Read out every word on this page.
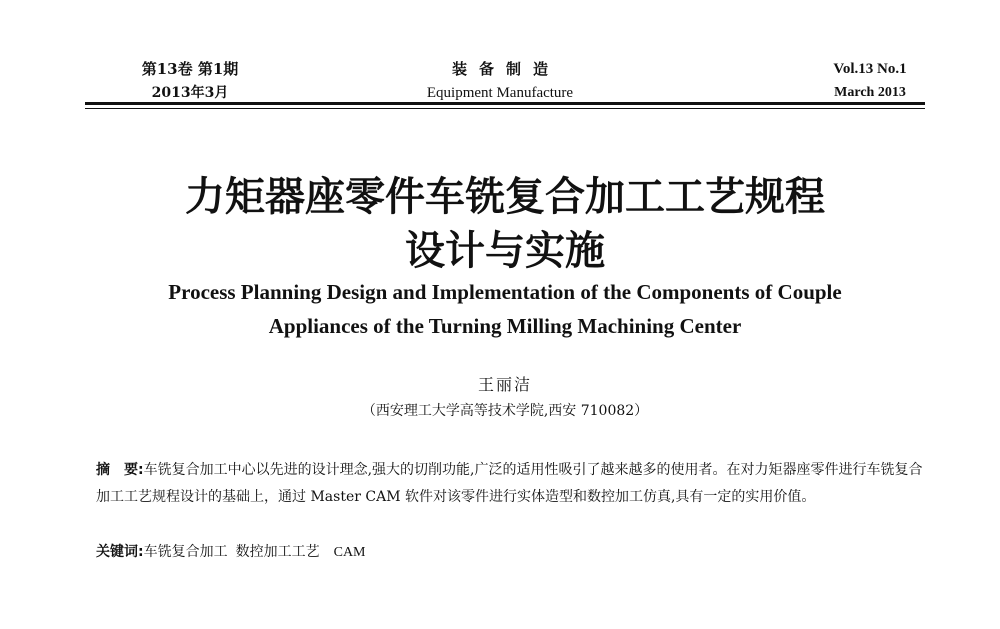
第13卷 第1期
2013年3月
装备制造
Equipment Manufacture
Vol.13 No.1
March 2013
力矩器座零件车铣复合加工工艺规程
设计与实施
Process Planning Design and Implementation of the Components of Couple
Appliances of the Turning Milling Machining Center
王丽洁
（西安理工大学高等技术学院,西安 710082）
摘　要:车铣复合加工中心以先进的设计理念,强大的切削功能,广泛的适用性吸引了越来越多的使用者。在对力矩器座零件进行车铣复合加工工艺规程设计的基础上，通过 Master CAM 软件对该零件进行实体造型和数控加工仿真,具有一定的实用价值。
关键词:车铣复合加工 数控加工工艺 CAM
